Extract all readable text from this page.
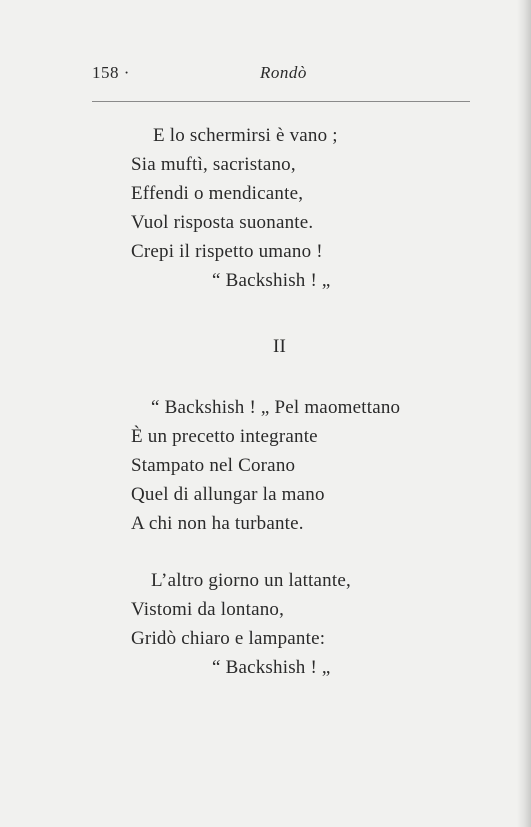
158 ·	Rondò
E lo schermirsi è vano ;
Sia muftì, sacristano,
Effendi o mendicante,
Vuol risposta suonante.
Crepi il rispetto umano !
“ Backshish ! „
II
“ Backshish ! „ Pel maomettano
È un precetto integrante
Stampato nel Corano
Quel di allungar la mano
A chi non ha turbante.
L’altro giorno un lattante,
Vistomi da lontano,
Gridò chiaro e lampante:
“ Backshish ! „
